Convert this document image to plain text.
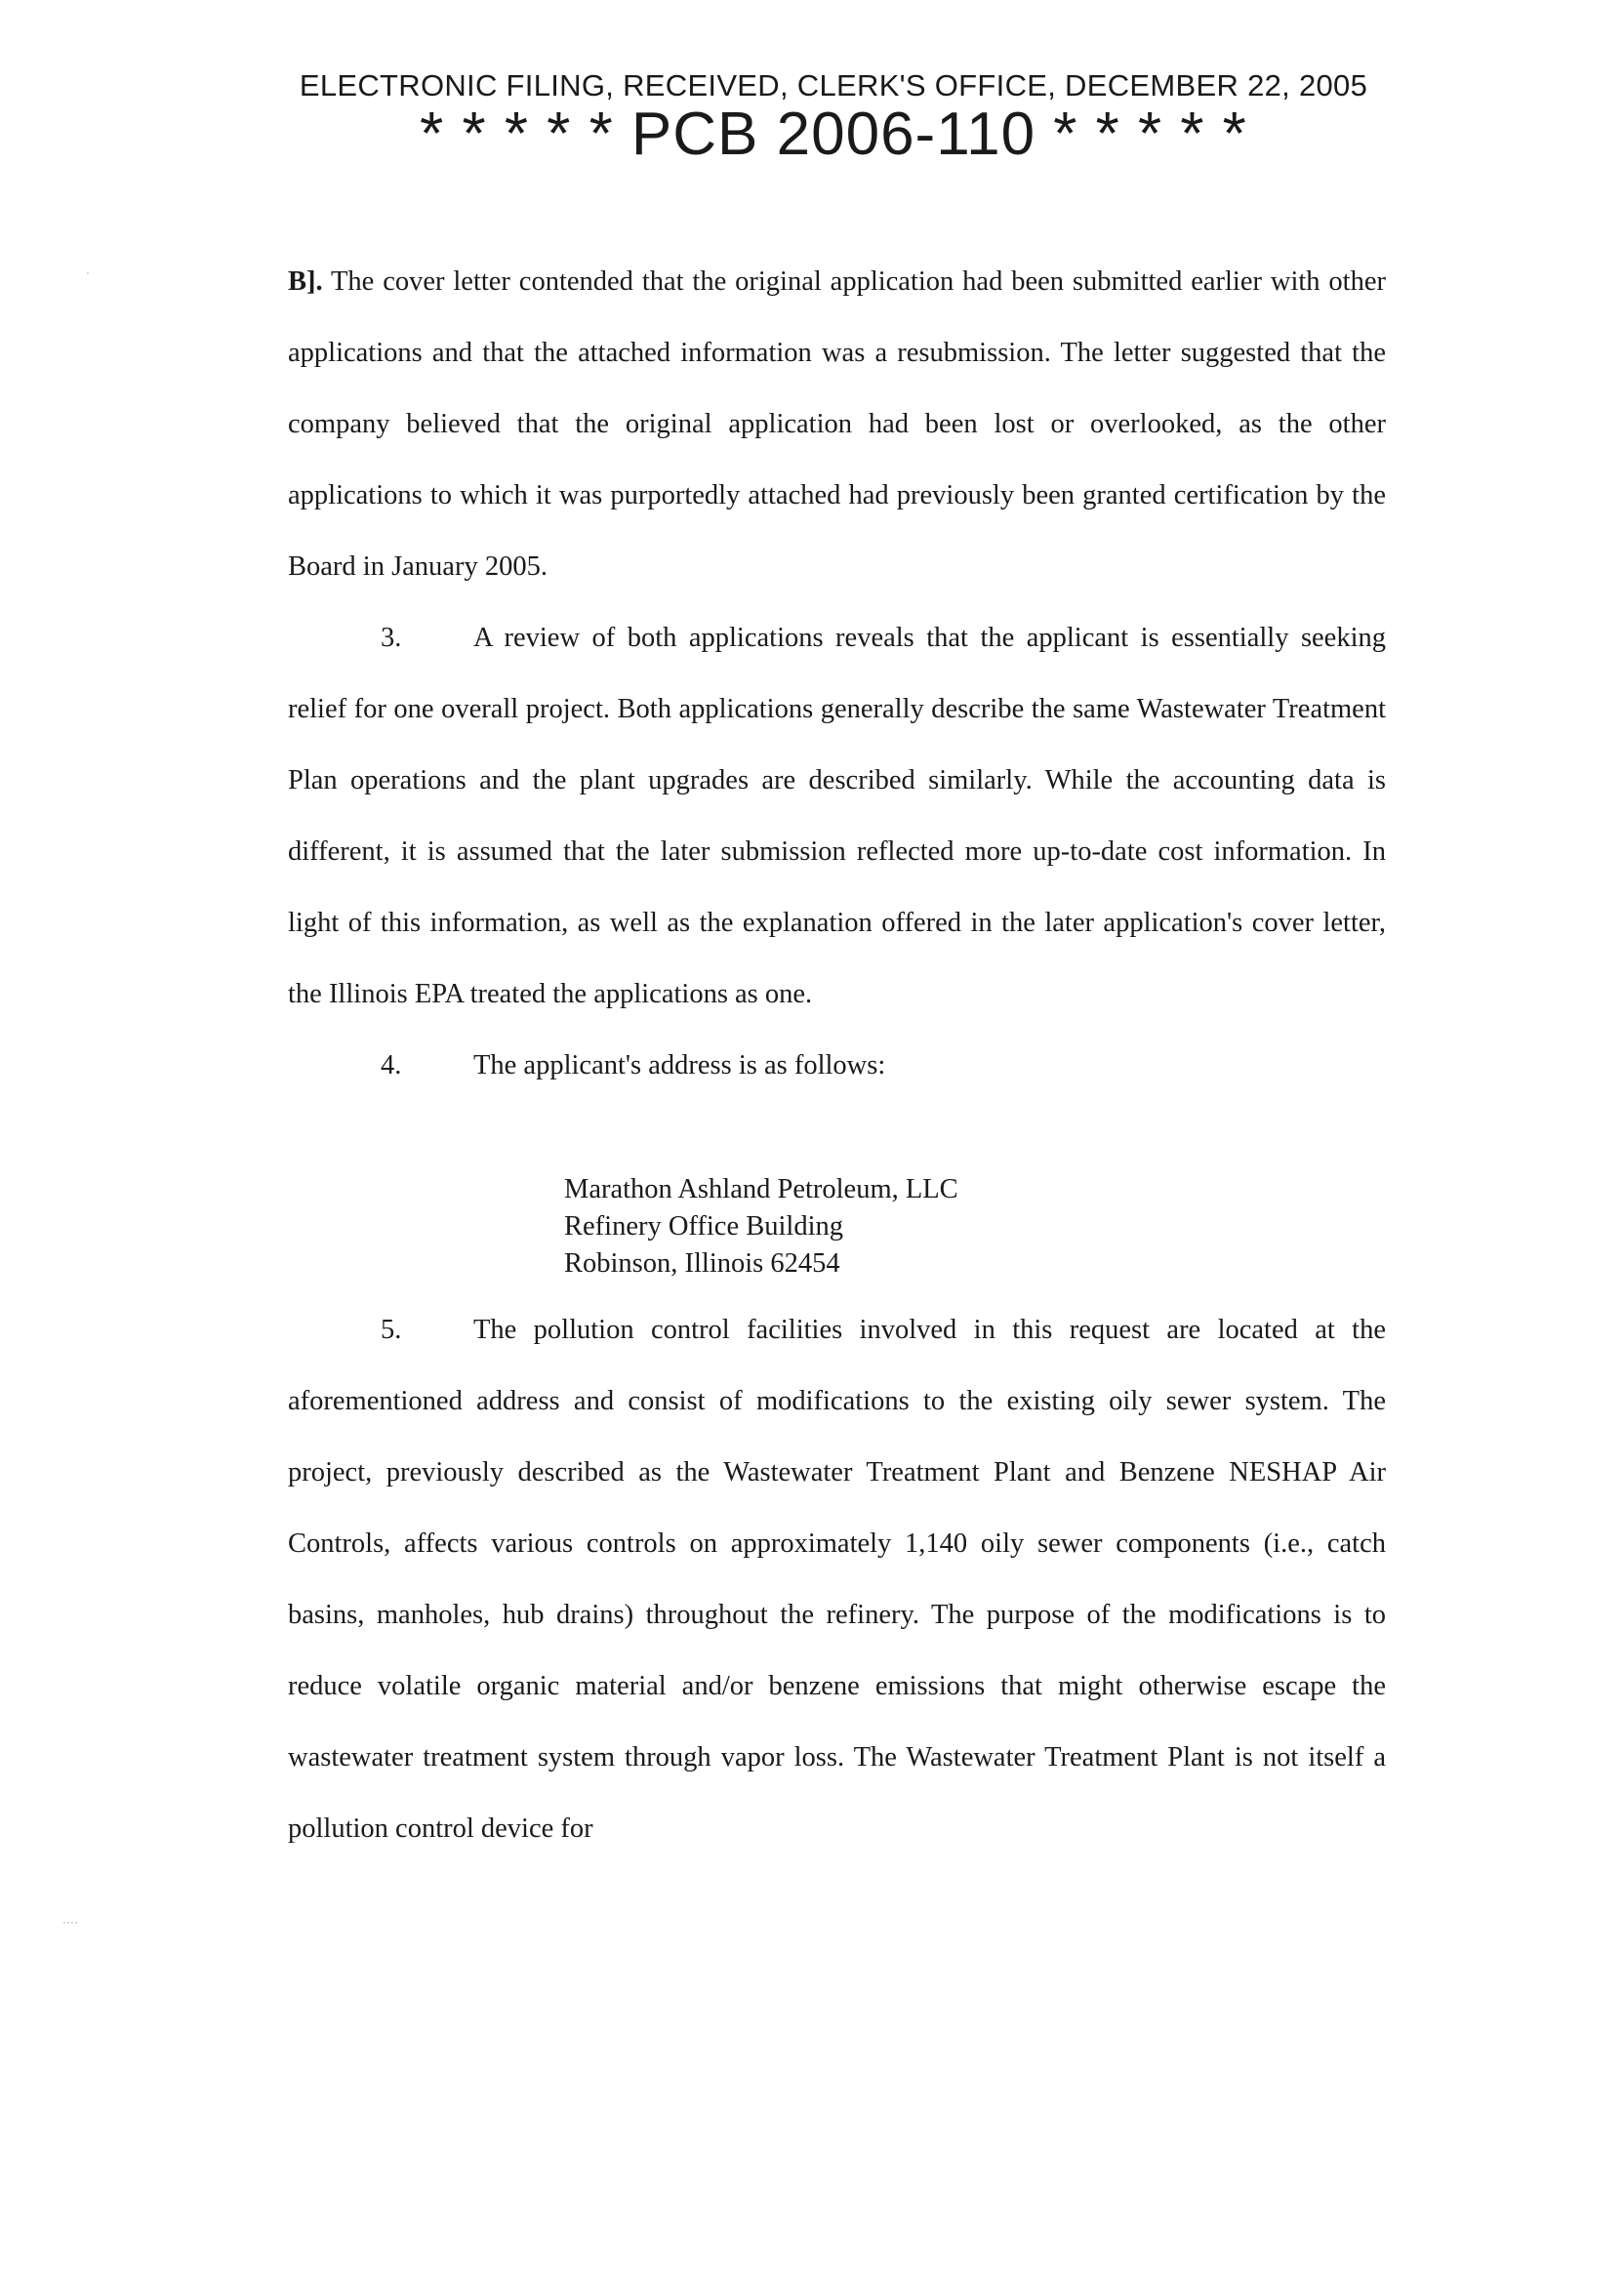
ELECTRONIC FILING, RECEIVED, CLERK'S OFFICE, DECEMBER 22, 2005
* * * * * PCB 2006-110 * * * * *

B]. The cover letter contended that the original application had been submitted earlier with other applications and that the attached information was a resubmission. The letter suggested that the company believed that the original application had been lost or overlooked, as the other applications to which it was purportedly attached had previously been granted certification by the Board in January 2005.

3.	A review of both applications reveals that the applicant is essentially seeking relief for one overall project. Both applications generally describe the same Wastewater Treatment Plan operations and the plant upgrades are described similarly. While the accounting data is different, it is assumed that the later submission reflected more up-to-date cost information. In light of this information, as well as the explanation offered in the later application's cover letter, the Illinois EPA treated the applications as one.

4.	The applicant's address is as follows:

Marathon Ashland Petroleum, LLC
Refinery Office Building
Robinson, Illinois 62454

5.	The pollution control facilities involved in this request are located at the aforementioned address and consist of modifications to the existing oily sewer system. The project, previously described as the Wastewater Treatment Plant and Benzene NESHAP Air Controls, affects various controls on approximately 1,140 oily sewer components (i.e., catch basins, manholes, hub drains) throughout the refinery. The purpose of the modifications is to reduce volatile organic material and/or benzene emissions that might otherwise escape the wastewater treatment system through vapor loss. The Wastewater Treatment Plant is not itself a pollution control device for

·
····
